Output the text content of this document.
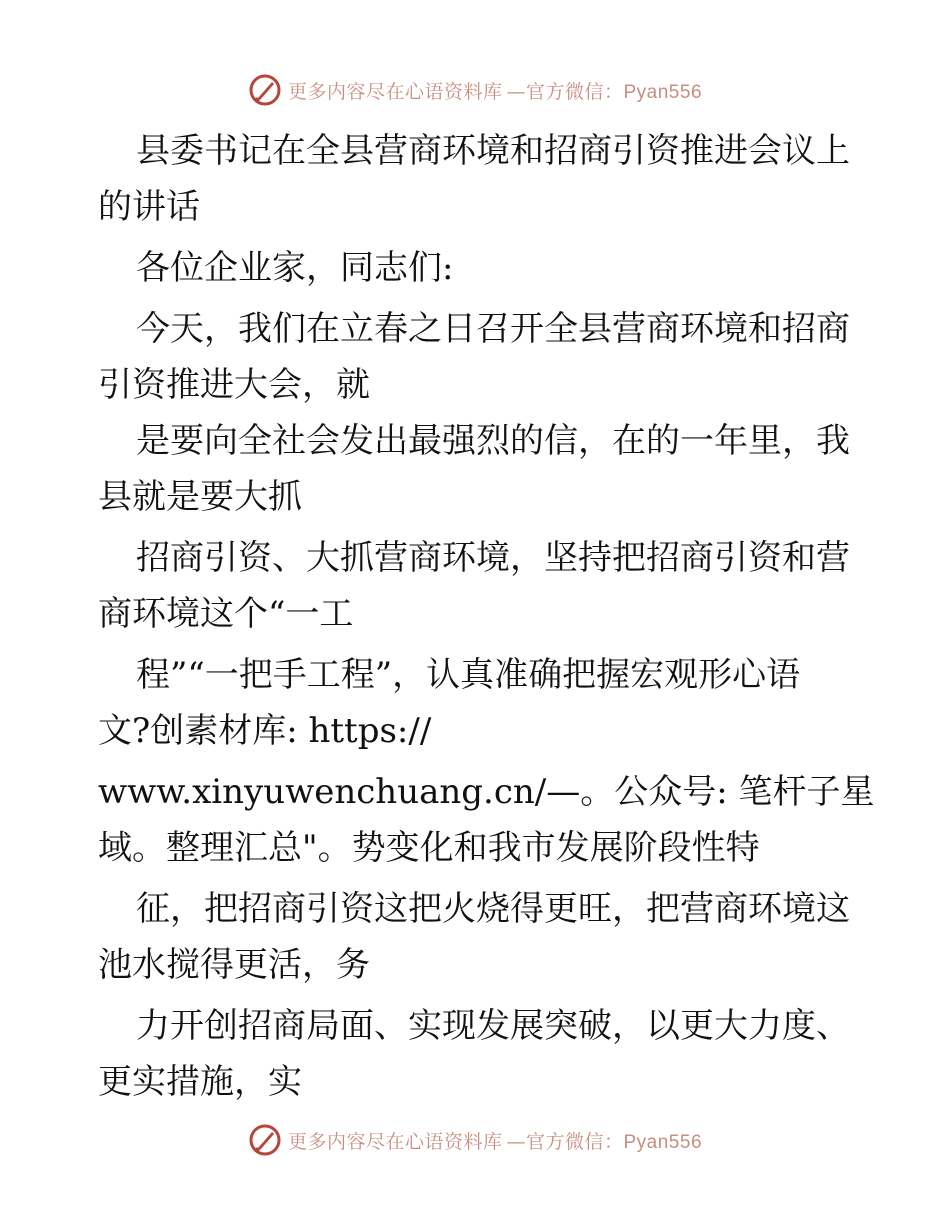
更多内容尽在心语资料库 —官方微信：Pyan556
县委书记在全县营商环境和招商引资推进会议上
的讲话
各位企业家，同志们:
今天，我们在立春之日召开全县营商环境和招商
引资推进大会，就
是要向全社会发出最强烈的信，在的一年里，我
县就是要大抓
招商引资、大抓营商环境，坚持把招商引资和营
商环境这个“一工
程”“一把手工程”，认真准确把握宏观形心语
文?创素材库: https://
www.xinyuwenchuang.cn/—。公众号: 笔杆子星
域。整理汇总"。势变化和我市发展阶段性特
征，把招商引资这把火烧得更旺，把营商环境这
池水搅得更活，务
力开创招商局面、实现发展突破，以更大力度、
更实措施，实
更多内容尽在心语资料库 —官方微信：Pyan556
